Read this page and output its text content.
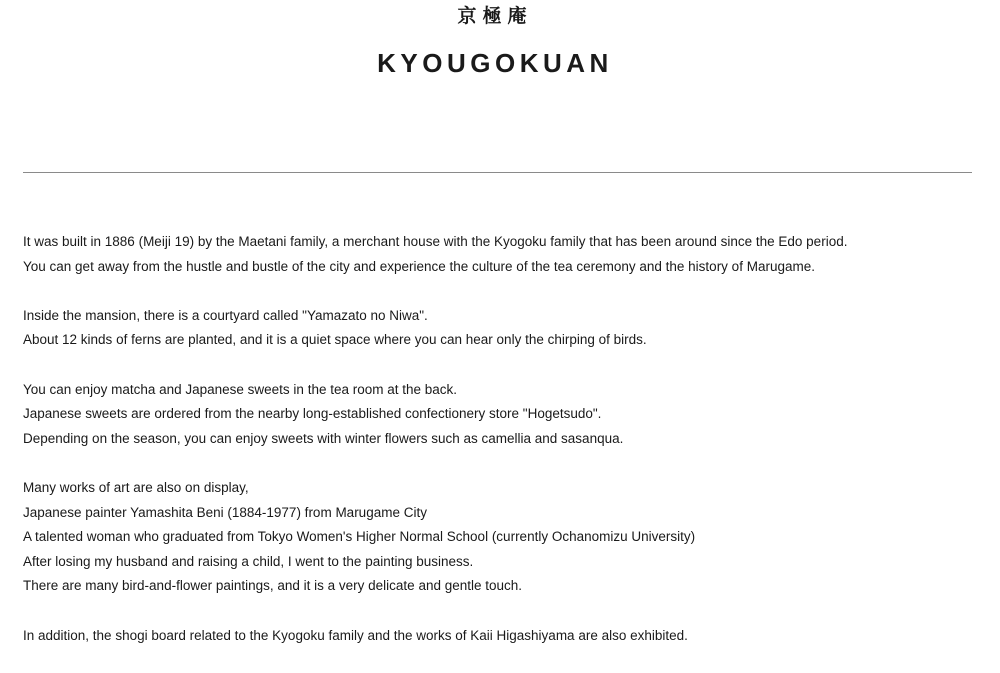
京極庵
KYOUGOKUAN

It was built in 1886 (Meiji 19) by the Maetani family, a merchant house with the Kyogoku family that has been around since the Edo period.
You can get away from the hustle and bustle of the city and experience the culture of the tea ceremony and the history of Marugame.

Inside the mansion, there is a courtyard called "Yamazato no Niwa".
About 12 kinds of ferns are planted, and it is a quiet space where you can hear only the chirping of birds.

You can enjoy matcha and Japanese sweets in the tea room at the back.
Japanese sweets are ordered from the nearby long-established confectionery store "Hogetsudo".
Depending on the season, you can enjoy sweets with winter flowers such as camellia and sasanqua.

Many works of art are also on display,
Japanese painter Yamashita Beni (1884-1977) from Marugame City
A talented woman who graduated from Tokyo Women's Higher Normal School (currently Ochanomizu University)
After losing my husband and raising a child, I went to the painting business.
There are many bird-and-flower paintings, and it is a very delicate and gentle touch.

In addition, the shogi board related to the Kyogoku family and the works of Kaii Higashiyama are also exhibited.
